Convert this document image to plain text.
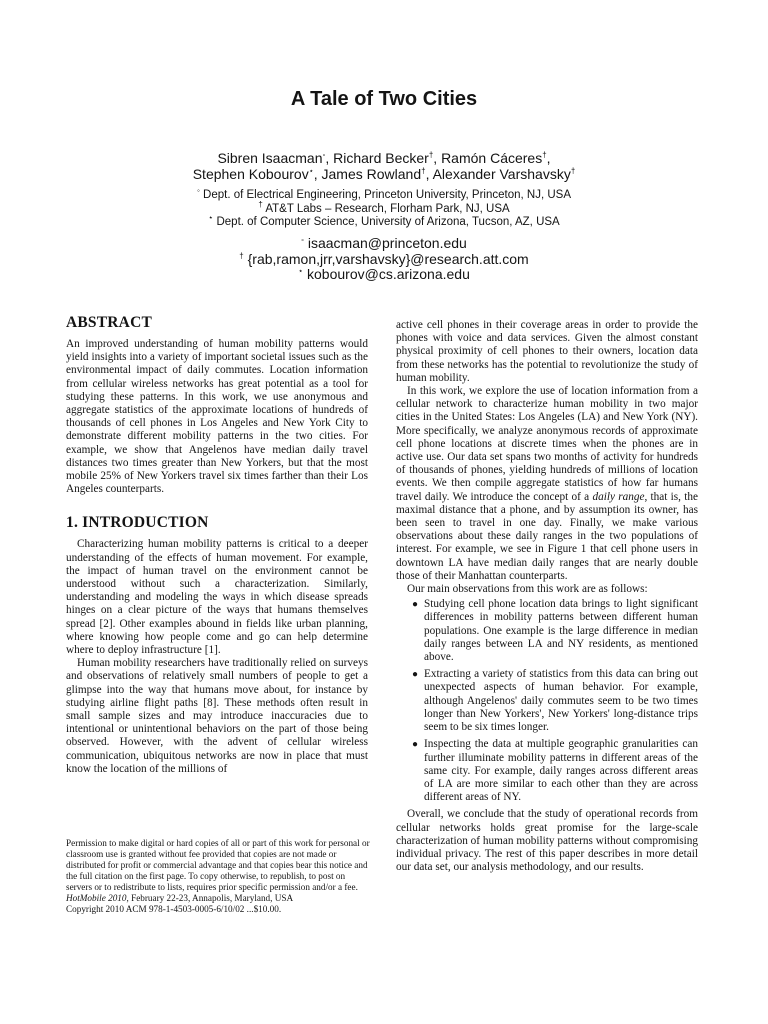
A Tale of Two Cities
Sibren Isaacman◦, Richard Becker†, Ramón Cáceres†,
Stephen Kobourov⋆, James Rowland†, Alexander Varshavsky†
◦ Dept. of Electrical Engineering, Princeton University, Princeton, NJ, USA
† AT&T Labs – Research, Florham Park, NJ, USA
⋆ Dept. of Computer Science, University of Arizona, Tucson, AZ, USA
◦ isaacman@princeton.edu
† {rab,ramon,jrr,varshavsky}@research.att.com
⋆ kobourov@cs.arizona.edu
ABSTRACT

An improved understanding of human mobility patterns would yield insights into a variety of important societal issues such as the environmental impact of daily commutes. Location information from cellular wireless networks has great potential as a tool for studying these patterns. In this work, we use anonymous and aggregate statistics of the approximate locations of hundreds of thousands of cell phones in Los Angeles and New York City to demonstrate different mobility patterns in the two cities. For example, we show that Angelenos have median daily travel distances two times greater than New Yorkers, but that the most mobile 25% of New Yorkers travel six times farther than their Los Angeles counterparts.

1. INTRODUCTION

Characterizing human mobility patterns is critical to a deeper understanding of the effects of human movement. For example, the impact of human travel on the environment cannot be understood without such a characterization. Similarly, understanding and modeling the ways in which disease spreads hinges on a clear picture of the ways that humans themselves spread [2]. Other examples abound in fields like urban planning, where knowing how people come and go can help determine where to deploy infrastructure [1].

Human mobility researchers have traditionally relied on surveys and observations of relatively small numbers of people to get a glimpse into the way that humans move about, for instance by studying airline flight paths [8]. These methods often result in small sample sizes and may introduce inaccuracies due to intentional or unintentional behaviors on the part of those being observed. However, with the advent of cellular wireless communication, ubiquitous networks are now in place that must know the location of the millions of

active cell phones in their coverage areas in order to provide the phones with voice and data services. Given the almost constant physical proximity of cell phones to their owners, location data from these networks has the potential to revolutionize the study of human mobility.

In this work, we explore the use of location information from a cellular network to characterize human mobility in two major cities in the United States: Los Angeles (LA) and New York (NY). More specifically, we analyze anonymous records of approximate cell phone locations at discrete times when the phones are in active use. Our data set spans two months of activity for hundreds of thousands of phones, yielding hundreds of millions of location events. We then compile aggregate statistics of how far humans travel daily. We introduce the concept of a daily range, that is, the maximal distance that a phone, and by assumption its owner, has been seen to travel in one day. Finally, we make various observations about these daily ranges in the two populations of interest. For example, we see in Figure 1 that cell phone users in downtown LA have median daily ranges that are nearly double those of their Manhattan counterparts.

Our main observations from this work are as follows:

● Studying cell phone location data brings to light significant differences in mobility patterns between different human populations. One example is the large difference in median daily ranges between LA and NY residents, as mentioned above.
● Extracting a variety of statistics from this data can bring out unexpected aspects of human behavior. For example, although Angelenos' daily commutes seem to be two times longer than New Yorkers', New Yorkers' long-distance trips seem to be six times longer.
● Inspecting the data at multiple geographic granularities can further illuminate mobility patterns in different areas of the same city. For example, daily ranges across different areas of LA are more similar to each other than they are across different areas of NY.

Overall, we conclude that the study of operational records from cellular networks holds great promise for the large-scale characterization of human mobility patterns without compromising individual privacy. The rest of this paper describes in more detail our data set, our analysis methodology, and our results.

Permission to make digital or hard copies of all or part of this work for personal or classroom use is granted without fee provided that copies are not made or distributed for profit or commercial advantage and that copies bear this notice and the full citation on the first page. To copy otherwise, to republish, to post on servers or to redistribute to lists, requires prior specific permission and/or a fee.

HotMobile 2010, February 22-23, Annapolis, Maryland, USA

Copyright 2010 ACM 978-1-4503-0005-6/10/02 ...$10.00.
